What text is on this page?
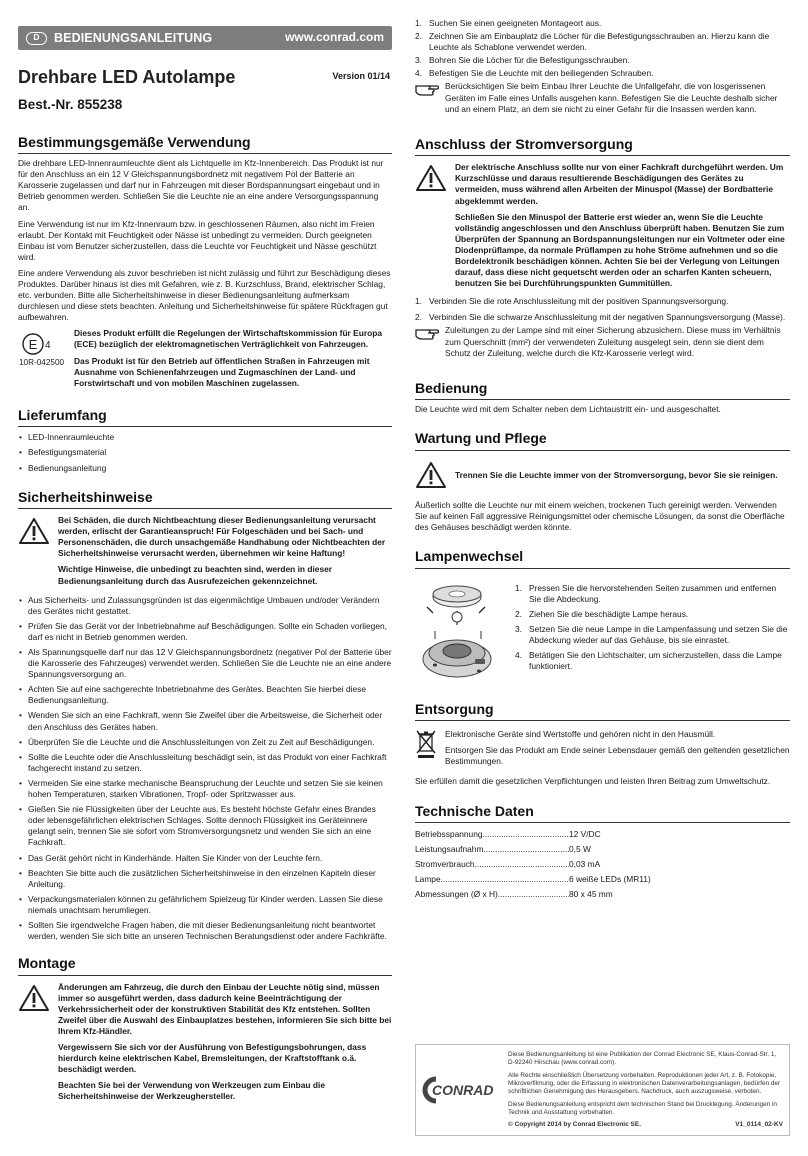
D	BEDIENUNGSANLEITUNG	www.conrad.com
Drehbare LED Autolampe	Version 01/14
Best.-Nr. 855238
Bestimmungsgemäße Verwendung

Die drehbare LED-Innenraumleuchte dient als Lichtquelle im Kfz-Innenbereich. Das Produkt ist nur für den Anschluss an ein 12 V Gleichspannungsbordnetz mit negativem Pol der Batterie an Karosserie zugelassen und darf nur in Fahrzeugen mit dieser Bordspannungsart eingebaut und in Betrieb genommen werden. Schließen Sie die Leuchte nie an eine andere Versorgungsspannung an.

Eine Verwendung ist nur im Kfz-Innenraum bzw. in geschlossenen Räumen, also nicht im Freien erlaubt. Der Kontakt mit Feuchtigkeit oder Nässe ist unbedingt zu vermeiden. Durch geeigneten Einbau ist vom Benutzer sicherzustellen, dass die Leuchte vor Feuchtigkeit und Nässe geschützt wird.

Eine andere Verwendung als zuvor beschrieben ist nicht zulässig und führt zur Beschädigung dieses Produktes. Darüber hinaus ist dies mit Gefahren, wie z. B. Kurzschluss, Brand, elektrischer Schlag, etc. verbunden. Bitte alle Sicherheitshinweise in dieser Bedienungsanleitung aufmerksam durchlesen und diese stets beachten. Anleitung und Sicherheitshinweise für spätere Rückfragen gut aufbewahren.

E 4
10R-042500

Dieses Produkt erfüllt die Regelungen der Wirtschaftskommission für Europa (ECE) bezüglich der elektromagnetischen Verträglichkeit von Fahrzeugen.

Das Produkt ist für den Betrieb auf öffentlichen Straßen in Fahrzeugen mit Ausnahme von Schienenfahrzeugen und Zugmaschinen der Land- und Forstwirtschaft und von mobilen Maschinen zugelassen.

Lieferumfang
• LED-Innenraumleuchte
• Befestigungsmaterial
• Bedienungsanleitung
Sicherheitshinweise

Bei Schäden, die durch Nichtbeachtung dieser Bedienungsanleitung verursacht werden, erlischt der Garantieanspruch! Für Folgeschäden und bei Sach- und Personenschäden, die durch unsachgemäße Handhabung oder Nichtbeachten der Sicherheitshinweise verursacht werden, übernehmen wir keine Haftung!

Wichtige Hinweise, die unbedingt zu beachten sind, werden in dieser Bedienungsanleitung durch das Ausrufezeichen gekennzeichnet.

• Aus Sicherheits- und Zulassungsgründen ist das eigenmächtige Umbauen und/oder Verändern des Gerätes nicht gestattet.
• Prüfen Sie das Gerät vor der Inbetriebnahme auf Beschädigungen. Sollte ein Schaden vorliegen, darf es nicht in Betrieb genommen werden.
• Als Spannungsquelle darf nur das 12 V Gleichspannungsbordnetz (negativer Pol der Batterie über die Karosserie des Fahrzeuges) verwendet werden. Schließen Sie die Leuchte nie an eine andere Spannungsversorgung an.
• Achten Sie auf eine sachgerechte Inbetriebnahme des Gerätes. Beachten Sie hierbei diese Bedienungsanleitung.
• Wenden Sie sich an eine Fachkraft, wenn Sie Zweifel über die Arbeitsweise, die Sicherheit oder den Anschluss des Gerätes haben.
• Überprüfen Sie die Leuchte und die Anschlussleitungen von Zeit zu Zeit auf Beschädigungen.
• Sollte die Leuchte oder die Anschlussleitung beschädigt sein, ist das Produkt von einer Fachkraft fachgerecht instand zu setzen.
• Vermeiden Sie eine starke mechanische Beanspruchung der Leuchte und setzen Sie sie keinen hohen Temperaturen, starken Vibrationen, Tropf- oder Spritzwasser aus.
• Gießen Sie nie Flüssigkeiten über der Leuchte aus. Es besteht höchste Gefahr eines Brandes oder lebensgefährlichen elektrischen Schlages. Sollte dennoch Flüssigkeit ins Geräteinnere gelangt sein, trennen Sie sie sofort vom Stromversorgungsnetz und wenden Sie sich an eine Fachkraft.
• Das Gerät gehört nicht in Kinderhände. Halten Sie Kinder von der Leuchte fern.
• Beachten Sie bitte auch die zusätzlichen Sicherheitshinweise in den einzelnen Kapiteln dieser Anleitung.
• Verpackungsmaterialen können zu gefährlichem Spielzeug für Kinder werden. Lassen Sie diese niemals unachtsam herumliegen.
• Sollten Sie irgendwelche Fragen haben, die mit dieser Bedienungsanleitung nicht beantwortet werden, wenden Sie sich bitte an unseren Technischen Beratungsdienst oder andere Fachkräfte.
Montage

Änderungen am Fahrzeug, die durch den Einbau der Leuchte nötig sind, müssen immer so ausgeführt werden, dass dadurch keine Beeinträchtigung der Verkehrssicherheit oder der konstruktiven Stabilität des Kfz entstehen. Sollten Zweifel über die Auswahl des Einbauplatzes bestehen, informieren Sie sich bitte bei Ihrem Kfz-Händler.

Vergewissern Sie sich vor der Ausführung von Befestigungsbohrungen, dass hierdurch keine elektrischen Kabel, Bremsleitungen, der Kraftstofftank o.ä. beschädigt werden.

Beachten Sie bei der Verwendung von Werkzeugen zum Einbau die Sicherheitshinweise der Werkzeughersteller.

1. Suchen Sie einen geeigneten Montageort aus.
2. Zeichnen Sie am Einbauplatz die Löcher für die Befestigungsschrauben an. Hierzu kann die Leuchte als Schablone verwendet werden.
3. Bohren Sie die Löcher für die Befestigungsschrauben.
4. Befestigen Sie die Leuchte mit den beiliegenden Schrauben.
Berücksichtigen Sie beim Einbau Ihrer Leuchte die Unfallgefahr, die von losgerissenen Geräten im Falle eines Unfalls ausgehen kann. Befestigen Sie die Leuchte deshalb sicher und an einem Platz, an dem sie nicht zu einer Gefahr für die Insassen werden kann.
Anschluss der Stromversorgung

Der elektrische Anschluss sollte nur von einer Fachkraft durchgeführt werden. Um Kurzschlüsse und daraus resultierende Beschädigungen des Gerätes zu vermeiden, muss während allen Arbeiten der Minuspol (Masse) der Bordbatterie abgeklemmt werden.

Schließen Sie den Minuspol der Batterie erst wieder an, wenn Sie die Leuchte vollständig angeschlossen und den Anschluss überprüft haben. Benutzen Sie zum Überprüfen der Spannung an Bordspannungsleitungen nur ein Voltmeter oder eine Diodenprüflampe, da normale Prüflampen zu hohe Ströme aufnehmen und so die Bordelektronik beschädigen können. Achten Sie bei der Verlegung von Leitungen darauf, dass diese nicht gequetscht werden oder an scharfen Kanten scheuern, benutzen Sie bei Durchführungspunkten Gummitüllen.

1. Verbinden Sie die rote Anschlussleitung mit der positiven Spannungsversorgung.
2. Verbinden Sie die schwarze Anschlussleitung mit der negativen Spannungsversorgung (Masse).
Zuleitungen zu der Lampe sind mit einer Sicherung abzusichern. Diese muss im Verhältnis zum Querschnitt (mm²) der verwendeten Zuleitung ausgelegt sein, denn sie dient dem Schutz der Zuleitung, welche durch die Kfz-Karosserie verlegt wird.
Bedienung

Die Leuchte wird mit dem Schalter neben dem Lichtaustritt ein- und ausgeschaltet.

Wartung und Pflege
Trennen Sie die Leuchte immer von der Stromversorgung, bevor Sie sie reinigen.

Äußerlich sollte die Leuchte nur mit einem weichen, trockenen Tuch gereinigt werden. Verwenden Sie auf keinen Fall aggressive Reinigungsmittel oder chemische Lösungen, da sonst die Oberfläche des Gehäuses beschädigt werden könnte.

Lampenwechsel
1. Pressen Sie die hervorstehenden Seiten zusammen und entfernen Sie die Abdeckung.
2. Ziehen Sie die beschädigte Lampe heraus.
3. Setzen Sie die neue Lampe in die Lampenfassung und setzen Sie die Abdeckung wieder auf das Gehäuse, bis sie einrastet.
4. Betätigen Sie den Lichtschalter, um sicherzustellen, dass die Lampe funktioniert.
Entsorgung

Elektronische Geräte sind Wertstoffe und gehören nicht in den Hausmüll.

Entsorgen Sie das Produkt am Ende seiner Lebensdauer gemäß den geltenden gesetzlichen Bestimmungen.

Sie erfüllen damit die gesetzlichen Verpflichtungen und leisten Ihren Beitrag zum Umweltschutz.

Technische Daten
Betriebsspannung .....	12 V/DC
Leistungsaufnahm .....	0,5 W
Stromverbrauch .....	0,03 mA
Lampe .....	6 weiße LEDs (MR11)
Abmessungen (Ø x H) .....	80 x 45 mm
CONRAD

Diese Bedienungsanleitung ist eine Publikation der Conrad Electronic SE, Klaus-Conrad-Str. 1, D-92240 Hirschau (www.conrad.com).

Alle Rechte einschließlich Übersetzung vorbehalten. Reproduktionen jeder Art, z. B. Fotokopie, Mikroverfilmung, oder die Erfassung in elektronischen Datenverarbeitungsanlagen, bedürfen der schriftlichen Genehmigung des Herausgebers. Nachdruck, auch auszugsweise, verboten.

Diese Bedienungsanleitung entspricht dem technischen Stand bei Drucklegung. Änderungen in Technik und Ausstattung vorbehalten.

© Copyright 2014 by Conrad Electronic SE.	V1_0114_02-KV
